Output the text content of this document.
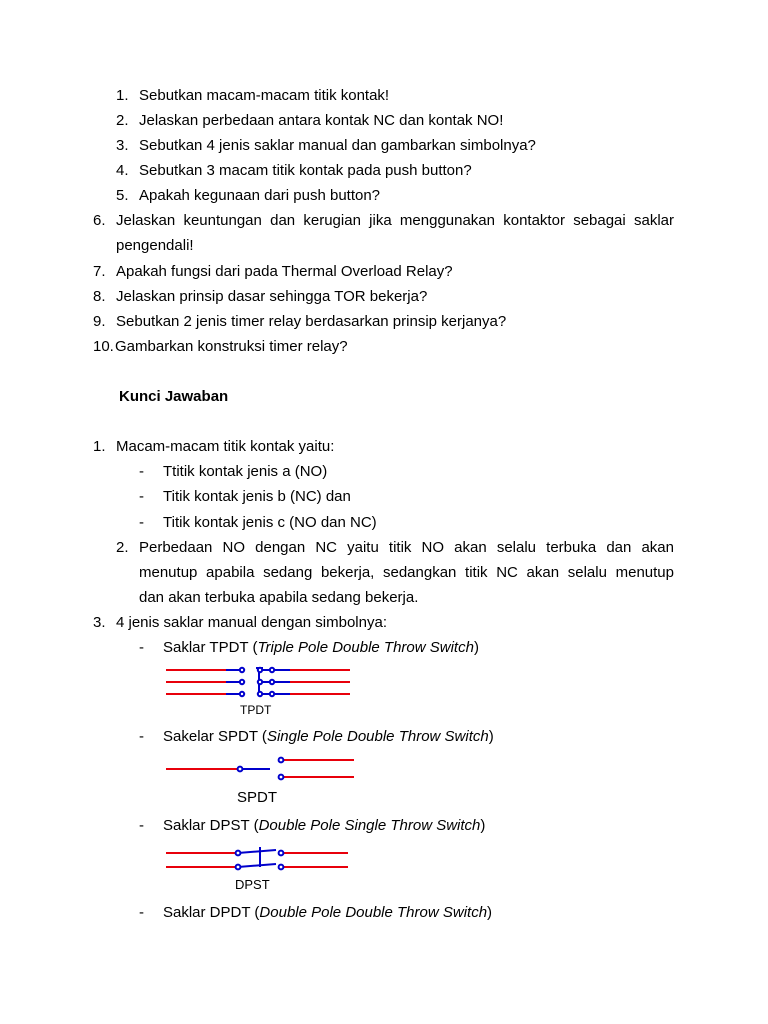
1. Sebutkan macam-macam titik kontak!
2. Jelaskan perbedaan antara kontak NC dan kontak NO!
3. Sebutkan 4 jenis saklar manual dan gambarkan simbolnya?
4. Sebutkan 3 macam titik kontak pada push button?
5. Apakah kegunaan dari push button?
6. Jelaskan keuntungan dan kerugian jika menggunakan kontaktor sebagai saklar
pengendali!
7. Apakah fungsi dari pada Thermal Overload Relay?
8. Jelaskan prinsip dasar sehingga TOR bekerja?
9. Sebutkan 2 jenis timer relay berdasarkan prinsip kerjanya?
10. Gambarkan konstruksi timer relay?
Kunci Jawaban
1. Macam-macam titik kontak yaitu:
- Ttitik kontak jenis a (NO)
- Titik kontak jenis b (NC) dan
- Titik kontak jenis c (NO dan NC)
2. Perbedaan NO dengan NC yaitu titik NO akan selalu terbuka dan akan
menutup apabila sedang bekerja, sedangkan titik NC akan selalu menutup
dan akan terbuka apabila sedang bekerja.
3. 4 jenis saklar manual dengan simbolnya:
- Saklar TPDT (Triple Pole Double Throw Switch)
TPDT
- Sakelar SPDT (Single Pole Double Throw Switch)
SPDT
- Saklar DPST (Double Pole Single Throw Switch)
DPST
- Saklar DPDT (Double Pole Double Throw Switch)
